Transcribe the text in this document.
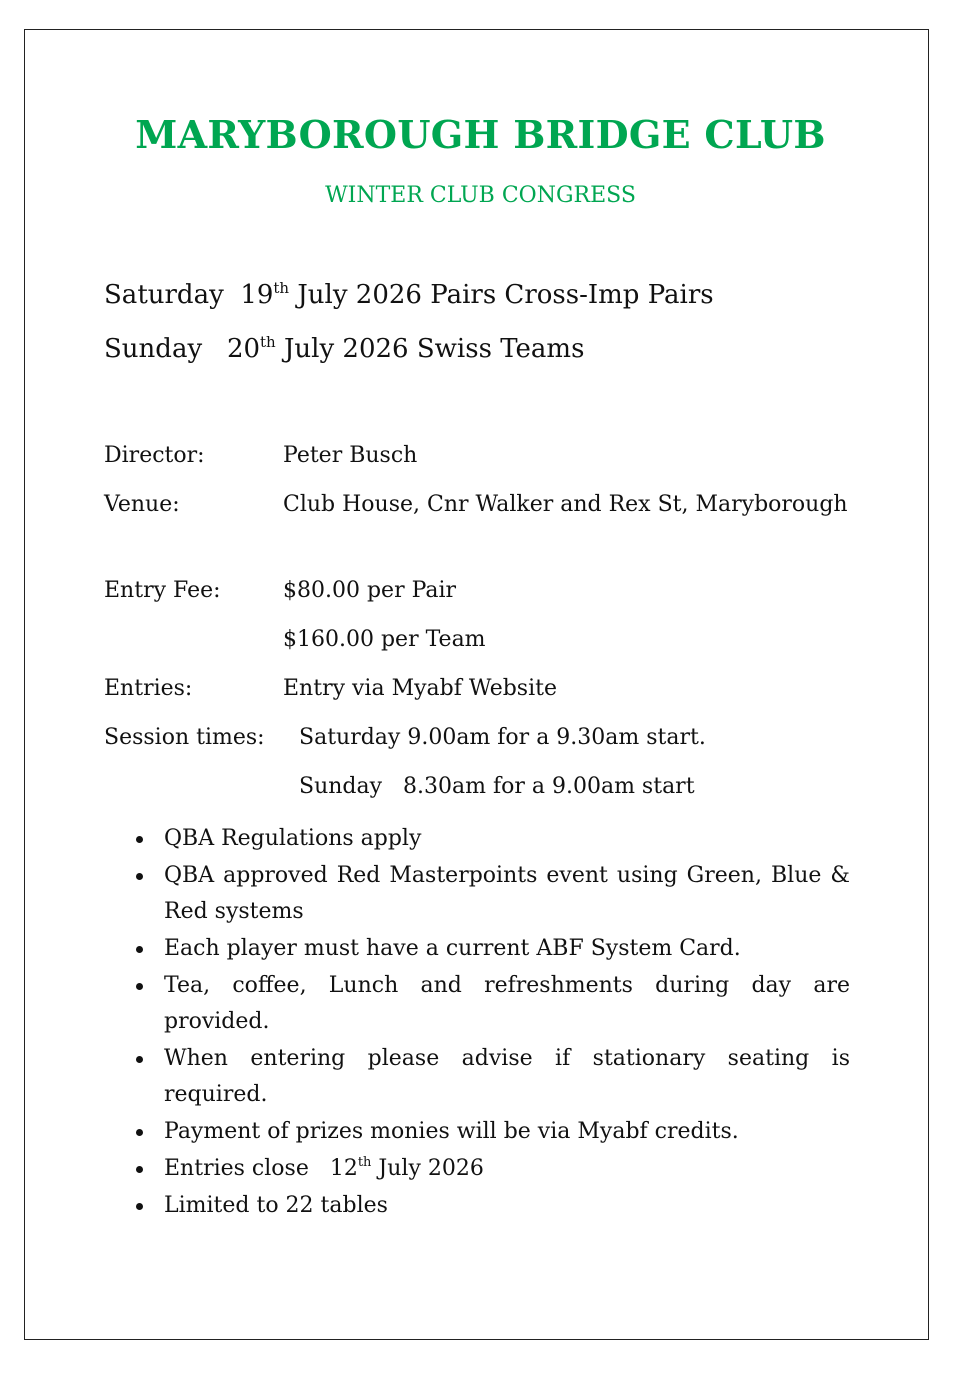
MARYBOROUGH BRIDGE CLUB
WINTER CLUB CONGRESS
Saturday 19th July 2026 Pairs Cross-Imp Pairs
Sunday 20th July 2026 Swiss Teams
Director:	Peter Busch
Venue:	Club House, Cnr Walker and Rex St, Maryborough
Entry Fee:	$80.00 per Pair
$160.00 per Team
Entries:	Entry via Myabf Website
Session times: Saturday 9.00am for a 9.30am start.
Sunday   8.30am for a 9.00am start
QBA Regulations apply
QBA approved Red Masterpoints event using Green, Blue & Red systems
Each player must have a current ABF System Card.
Tea, coffee, Lunch and refreshments during day are provided.
When entering please advise if stationary seating is required.
Payment of prizes monies will be via Myabf credits.
Entries close   12th July 2026
Limited to 22 tables
